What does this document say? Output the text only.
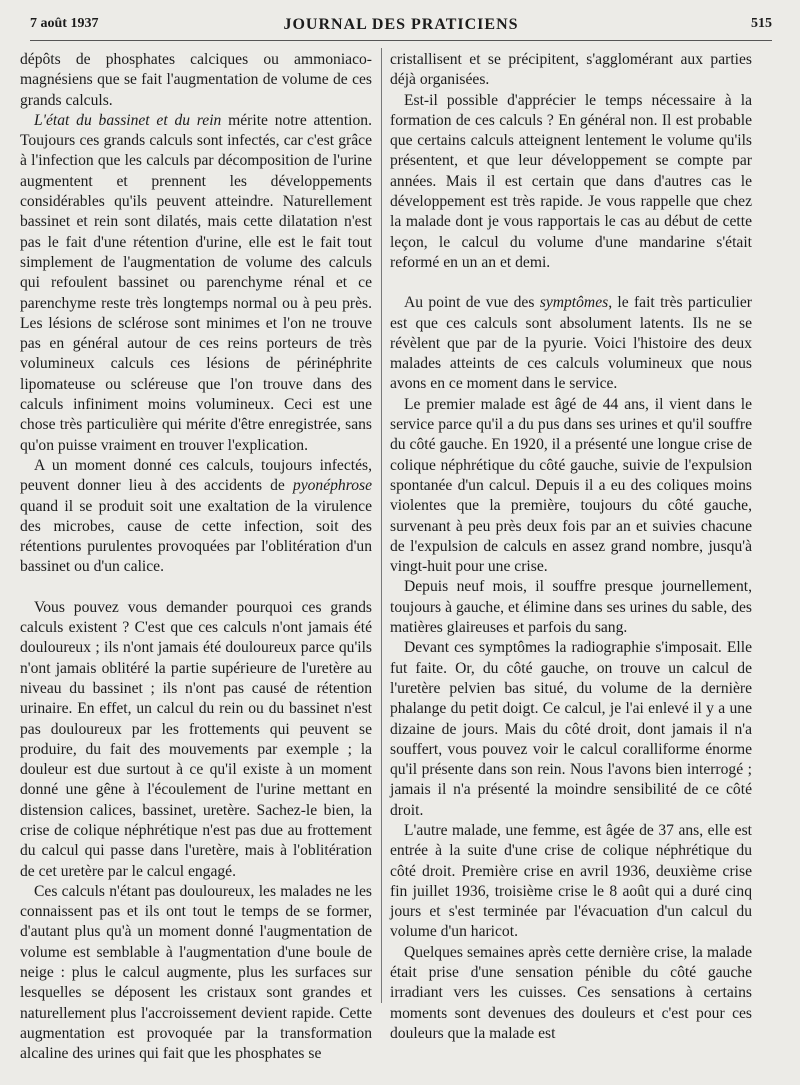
7 août 1937	JOURNAL DES PRATICIENS	515

dépôts de phosphates calciques ou ammoniaco-magnésiens que se fait l'augmentation de volume de ces grands calculs.

L'état du bassinet et du rein mérite notre attention. Toujours ces grands calculs sont infectés, car c'est grâce à l'infection que les calculs par décomposition de l'urine augmentent et prennent les développements considérables qu'ils peuvent atteindre. Naturellement bassinet et rein sont dilatés, mais cette dilatation n'est pas le fait d'une rétention d'urine, elle est le fait tout simplement de l'augmentation de volume des calculs qui refoulent bassinet ou parenchyme rénal et ce parenchyme reste très longtemps normal ou à peu près. Les lésions de sclérose sont minimes et l'on ne trouve pas en général autour de ces reins porteurs de très volumineux calculs ces lésions de périnéphrite lipomateuse ou scléreuse que l'on trouve dans des calculs infiniment moins volumineux. Ceci est une chose très particulière qui mérite d'être enregistrée, sans qu'on puisse vraiment en trouver l'explication.

A un moment donné ces calculs, toujours infectés, peuvent donner lieu à des accidents de pyonéphrose quand il se produit soit une exaltation de la virulence des microbes, cause de cette infection, soit des rétentions purulentes provoquées par l'oblitération d'un bassinet ou d'un calice.

Vous pouvez vous demander pourquoi ces grands calculs existent ? C'est que ces calculs n'ont jamais été douloureux ; ils n'ont jamais été douloureux parce qu'ils n'ont jamais oblitéré la partie supérieure de l'uretère au niveau du bassinet ; ils n'ont pas causé de rétention urinaire. En effet, un calcul du rein ou du bassinet n'est pas douloureux par les frottements qui peuvent se produire, du fait des mouvements par exemple ; la douleur est due surtout à ce qu'il existe à un moment donné une gêne à l'écoulement de l'urine mettant en distension calices, bassinet, uretère. Sachez-le bien, la crise de colique néphrétique n'est pas due au frottement du calcul qui passe dans l'uretère, mais à l'oblitération de cet uretère par le calcul engagé.

Ces calculs n'étant pas douloureux, les malades ne les connaissent pas et ils ont tout le temps de se former, d'autant plus qu'à un moment donné l'augmentation de volume est semblable à l'augmentation d'une boule de neige : plus le calcul augmente, plus les surfaces sur lesquelles se déposent les cristaux sont grandes et naturellement plus l'accroissement devient rapide. Cette augmentation est provoquée par la transformation alcaline des urines qui fait que les phosphates se

cristallisent et se précipitent, s'agglomérant aux parties déjà organisées.

Est-il possible d'apprécier le temps nécessaire à la formation de ces calculs ? En général non. Il est probable que certains calculs atteignent lentement le volume qu'ils présentent, et que leur développement se compte par années. Mais il est certain que dans d'autres cas le développement est très rapide. Je vous rappelle que chez la malade dont je vous rapportais le cas au début de cette leçon, le calcul du volume d'une mandarine s'était reformé en un an et demi.

Au point de vue des symptômes, le fait très particulier est que ces calculs sont absolument latents. Ils ne se révèlent que par de la pyurie. Voici l'histoire des deux malades atteints de ces calculs volumineux que nous avons en ce moment dans le service.

Le premier malade est âgé de 44 ans, il vient dans le service parce qu'il a du pus dans ses urines et qu'il souffre du côté gauche. En 1920, il a présenté une longue crise de colique néphrétique du côté gauche, suivie de l'expulsion spontanée d'un calcul. Depuis il a eu des coliques moins violentes que la première, toujours du côté gauche, survenant à peu près deux fois par an et suivies chacune de l'expulsion de calculs en assez grand nombre, jusqu'à vingt-huit pour une crise.

Depuis neuf mois, il souffre presque journellement, toujours à gauche, et élimine dans ses urines du sable, des matières glaireuses et parfois du sang.

Devant ces symptômes la radiographie s'imposait. Elle fut faite. Or, du côté gauche, on trouve un calcul de l'uretère pelvien bas situé, du volume de la dernière phalange du petit doigt. Ce calcul, je l'ai enlevé il y a une dizaine de jours. Mais du côté droit, dont jamais il n'a souffert, vous pouvez voir le calcul coralliforme énorme qu'il présente dans son rein. Nous l'avons bien interrogé ; jamais il n'a présenté la moindre sensibilité de ce côté droit.

L'autre malade, une femme, est âgée de 37 ans, elle est entrée à la suite d'une crise de colique néphrétique du côté droit. Première crise en avril 1936, deuxième crise fin juillet 1936, troisième crise le 8 août qui a duré cinq jours et s'est terminée par l'évacuation d'un calcul du volume d'un haricot.

Quelques semaines après cette dernière crise, la malade était prise d'une sensation pénible du côté gauche irradiant vers les cuisses. Ces sensations à certains moments sont devenues des douleurs et c'est pour ces douleurs que la malade est
